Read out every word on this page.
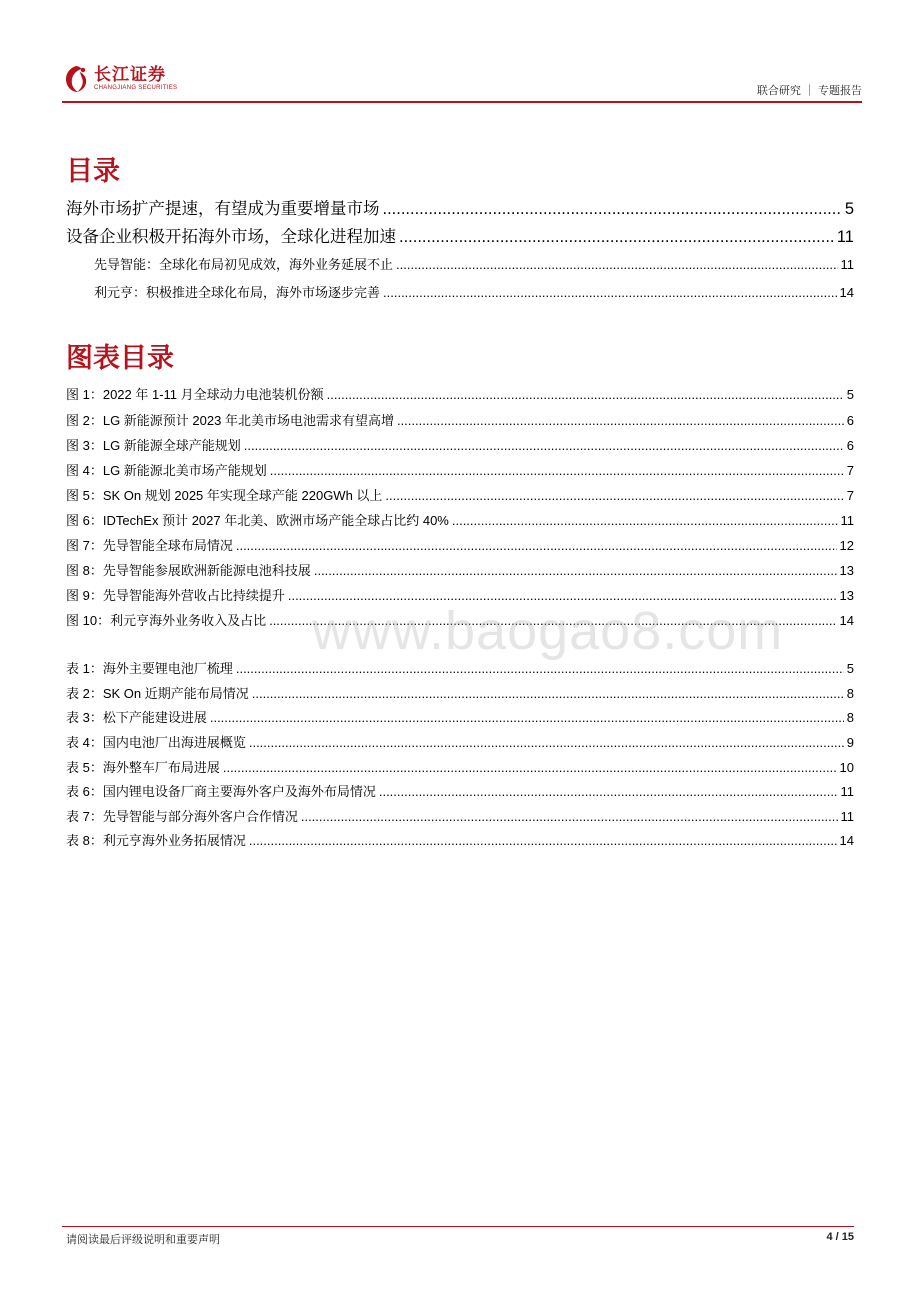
长江证券
CHANGJIANG SECURITIES	联合研究 ｜ 专题报告
目录
海外市场扩产提速，有望成为重要增量市场 .....	5
设备企业积极开拓海外市场，全球化进程加速 .....	11
先导智能：全球化布局初见成效，海外业务延展不止 .....	11
利元亨：积极推进全球化布局，海外市场逐步完善 .....	14
图表目录
图 1：2022 年 1-11 月全球动力电池装机份额 .....	5
图 2：LG 新能源预计 2023 年北美市场电池需求有望高增 .....	6
图 3：LG 新能源全球产能规划 .....	6
图 4：LG 新能源北美市场产能规划 .....	7
图 5：SK On 规划 2025 年实现全球产能 220GWh 以上 .....	7
图 6：IDTechEx 预计 2027 年北美、欧洲市场产能全球占比约 40% .....	11
图 7：先导智能全球布局情况 .....	12
图 8：先导智能参展欧洲新能源电池科技展 .....	13
图 9：先导智能海外营收占比持续提升 .....	13
图 10：利元亨海外业务收入及占比 .....	14
表 1：海外主要锂电池厂梳理 .....	5
表 2：SK On 近期产能布局情况 .....	8
表 3：松下产能建设进展 .....	8
表 4：国内电池厂出海进展概览 .....	9
表 5：海外整车厂布局进展 .....	10
表 6：国内锂电设备厂商主要海外客户及海外布局情况 .....	11
表 7：先导智能与部分海外客户合作情况 .....	11
表 8：利元亨海外业务拓展情况 .....	14
www.baogao8.com
请阅读最后评级说明和重要声明	4 / 15
